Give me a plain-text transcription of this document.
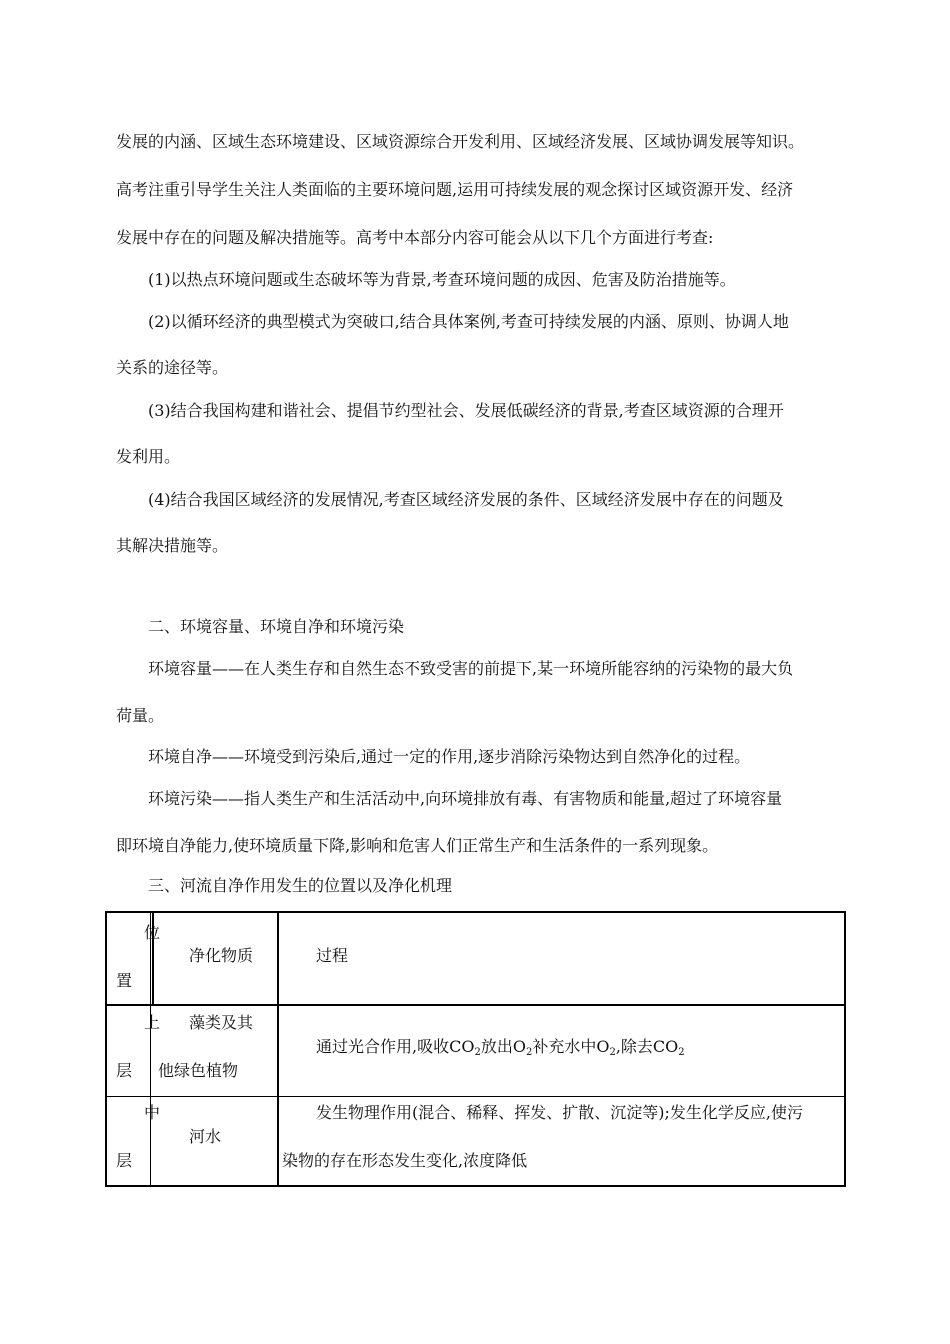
发展的内涵、区域生态环境建设、区域资源综合开发利用、区域经济发展、区域协调发展等知识。
高考注重引导学生关注人类面临的主要环境问题,运用可持续发展的观念探讨区域资源开发、经济
发展中存在的问题及解决措施等。高考中本部分内容可能会从以下几个方面进行考查:
(1)以热点环境问题或生态破坏等为背景,考查环境问题的成因、危害及防治措施等。
(2)以循环经济的典型模式为突破口,结合具体案例,考查可持续发展的内涵、原则、协调人地
关系的途径等。
(3)结合我国构建和谐社会、提倡节约型社会、发展低碳经济的背景,考查区域资源的合理开
发利用。
(4)结合我国区域经济的发展情况,考查区域经济发展的条件、区域经济发展中存在的问题及
其解决措施等。
二、环境容量、环境自净和环境污染
环境容量——在人类生存和自然生态不致受害的前提下,某一环境所能容纳的污染物的最大负
荷量。
环境自净——环境受到污染后,通过一定的作用,逐步消除污染物达到自然净化的过程。
环境污染——指人类生产和生活活动中,向环境排放有毒、有害物质和能量,超过了环境容量
即环境自净能力,使环境质量下降,影响和危害人们正常生产和生活条件的一系列现象。
三、河流自净作用发生的位置以及净化机理
位
置
净化物质	过程
上
层
藻类及其
他绿色植物
通过光合作用,吸收$CO_2$放出$O_2$补充水中$O_2$,除去$CO_2$
中
层
河水
发生物理作用(混合、稀释、挥发、扩散、沉淀等);发生化学反应,使污
染物的存在形态发生变化,浓度降低
